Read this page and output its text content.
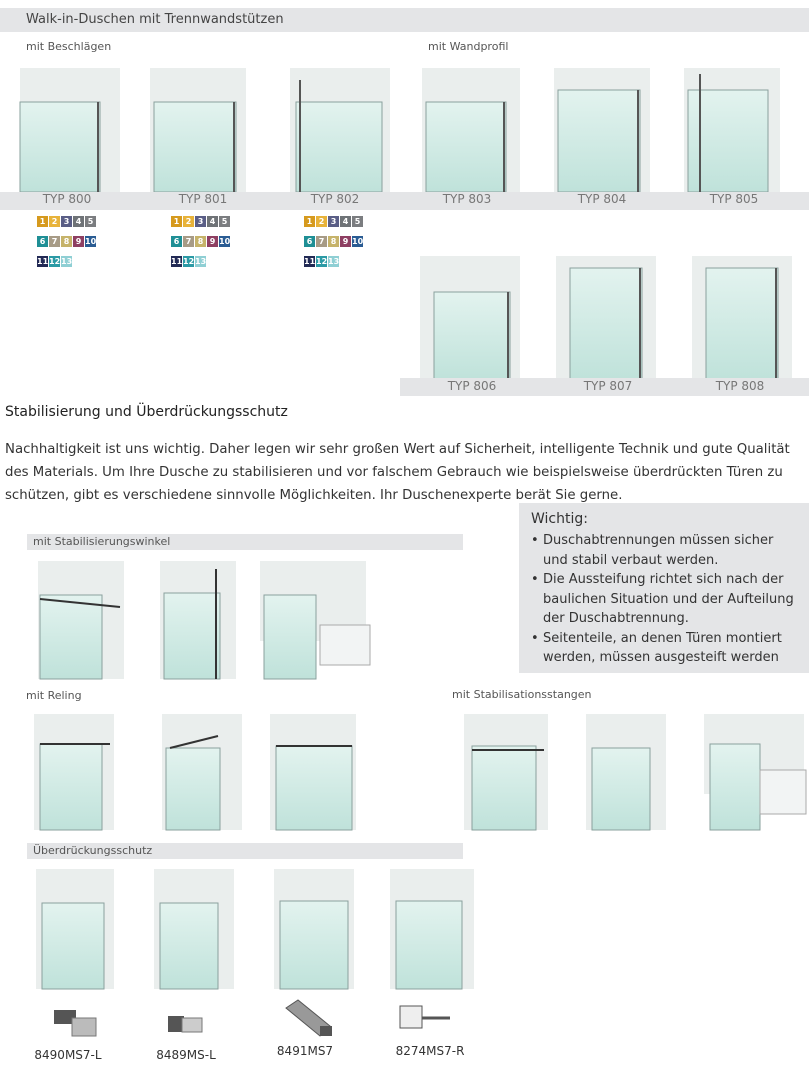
Walk-in-Duschen mit Trennwandstützen
mit Beschlägen	mit Wandprofil
TYP 800	TYP 801	TYP 802	TYP 803	TYP 804	TYP 805
1 2 3 4 5
6 7 8 9 10
111213
1 2 3 4 5
6 7 8 9 10
111213
1 2 3 4 5
6 7 8 9 10
111213
TYP 806	TYP 807	TYP 808
Stabilisierung und Überdrückungsschutz
Nachhaltigkeit ist uns wichtig. Daher legen wir sehr großen Wert auf Sicherheit, intelligente Technik und gute Qualität des Materials. Um Ihre Dusche zu stabilisieren und vor falschem Gebrauch wie beispielsweise überdrückten Türen zu schützen, gibt es verschiedene sinnvolle Möglichkeiten. Ihr Duschenexperte berät Sie gerne.
Wichtig:
• Duschabtrennungen müssen sicher und stabil verbaut werden.
• Die Aussteifung richtet sich nach der baulichen Situation und der Aufteilung der Duschabtrennung.
• Seitenteile, an denen Türen montiert werden, müssen ausgesteift werden
mit Stabilisierungswinkel
mit Reling	mit Stabilisationsstangen
Überdrückungsschutz
8490MS7-L	8489MS-L	8491MS7	8274MS7-R
